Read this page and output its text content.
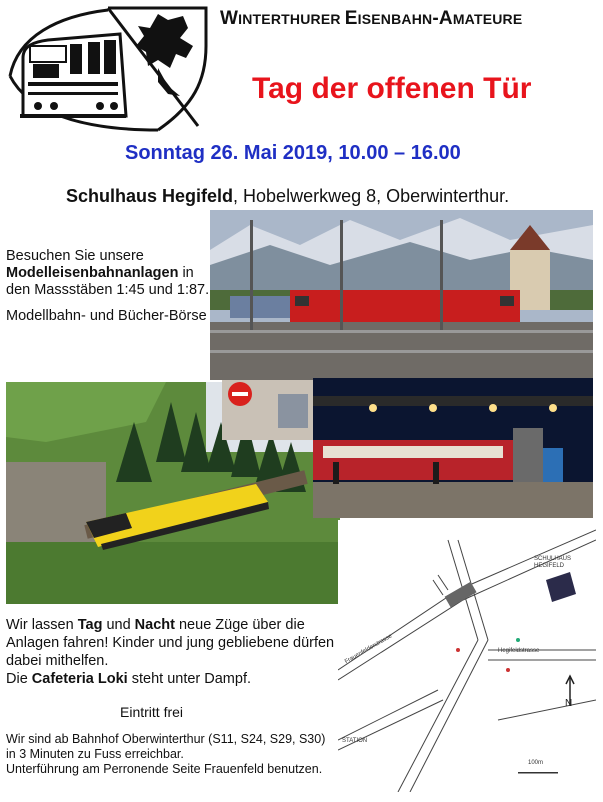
WINTERTHURER EISENBAHN-AMATEURE
Tag der offenen Tür
Sonntag 26. Mai 2019, 10.00 – 16.00
Schulhaus Hegifeld, Hobelwerkweg 8, Oberwinterthur.

Besuchen Sie unsere Modelleisenbahnanlagen in den Massstäben 1:45 und 1:87.

Modellbahn- und Bücher-Börse

Wir lassen Tag und Nacht neue Züge über die Anlagen fahren! Kinder und jung gebliebene dürfen dabei mithelfen.
Die Cafeteria Loki steht unter Dampf.
Eintritt frei
Wir sind ab Bahnhof Oberwinterthur (S11, S24, S29, S30) in 3 Minuten zu Fuss erreichbar.
Unterführung am Perronende Seite Frauenfeld benutzen.
SCHULHAUS HEGIFELD
STATION
N
100m
Hegifeldstrasse
Frauenfelderstrasse
